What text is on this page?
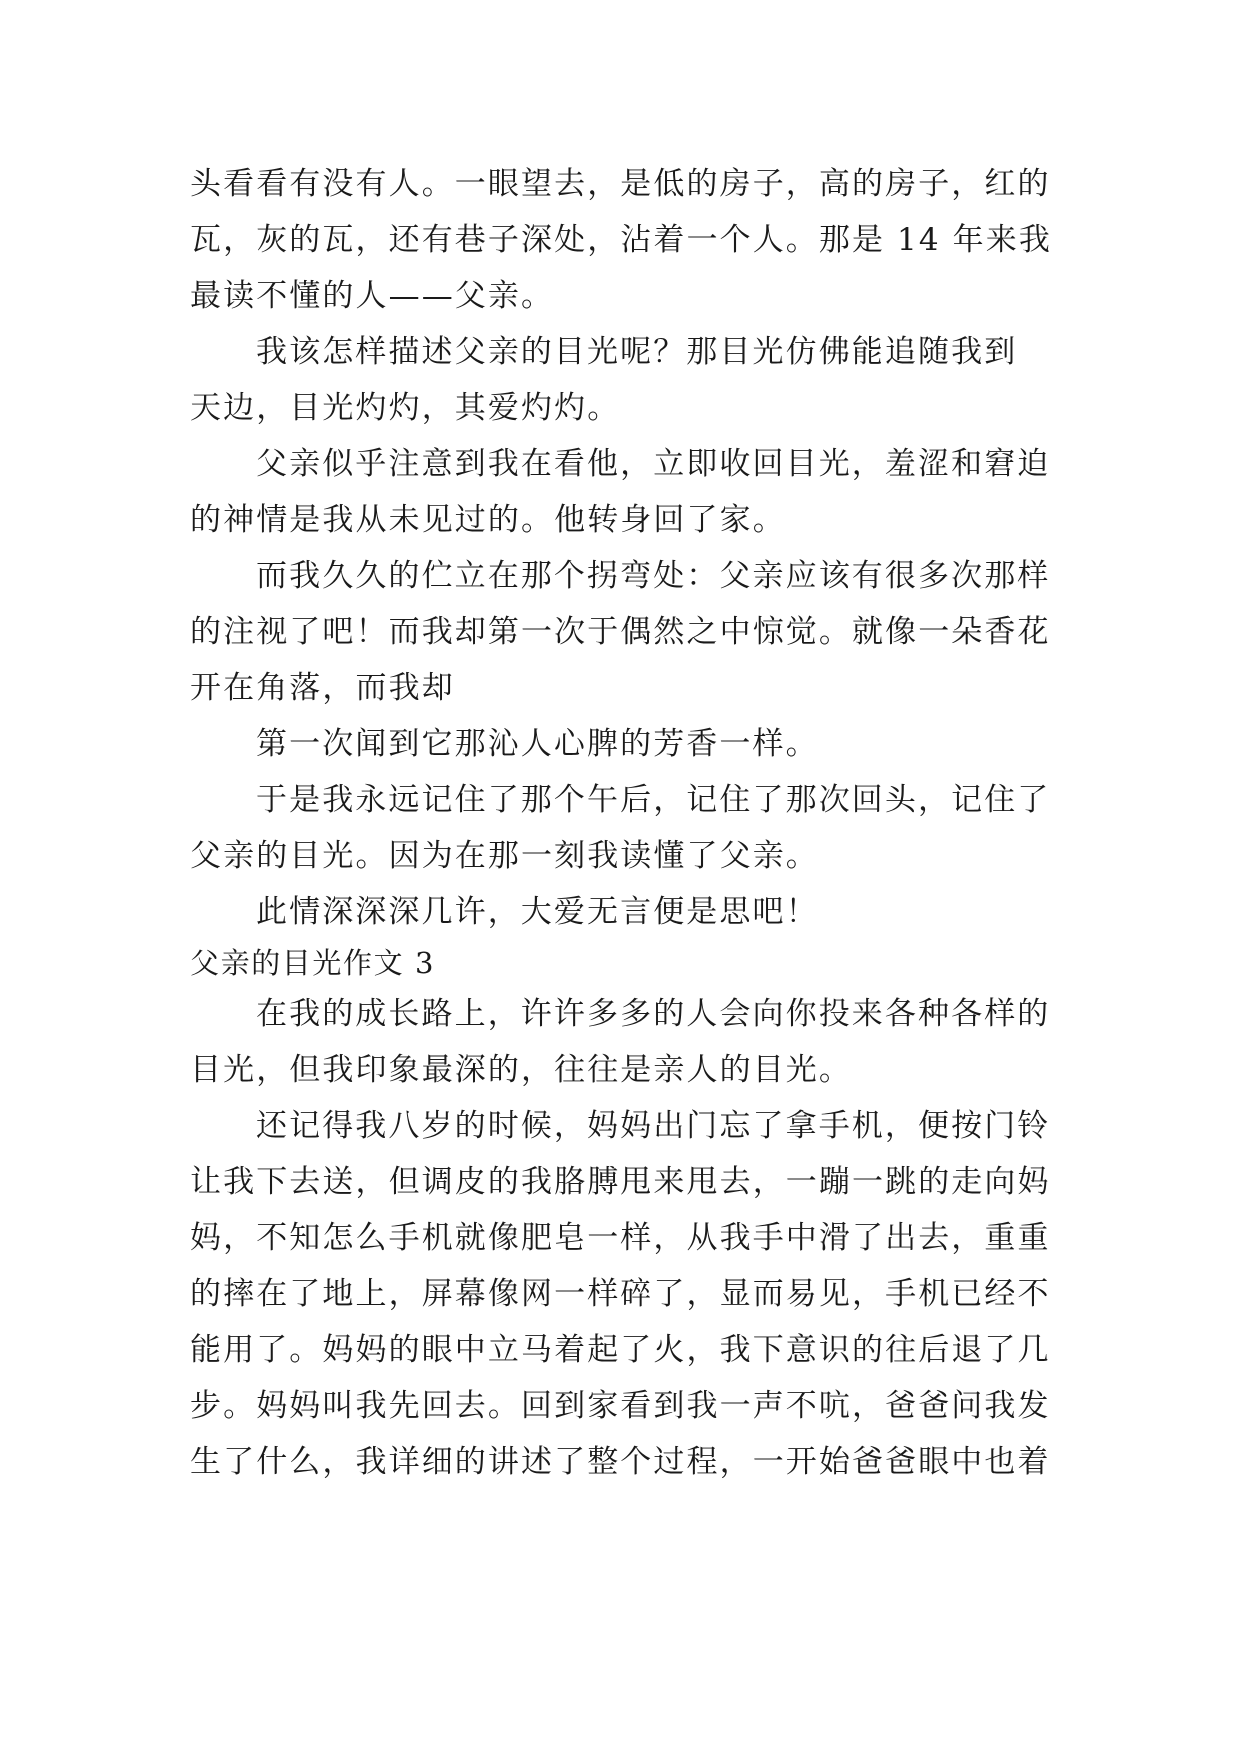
头看看有没有人。一眼望去，是低的房子，高的房子，红的
瓦，灰的瓦，还有巷子深处，沾着一个人。那是 14 年来我
最读不懂的人——父亲。
我该怎样描述父亲的目光呢？那目光仿佛能追随我到
天边，目光灼灼，其爱灼灼。
父亲似乎注意到我在看他，立即收回目光，羞涩和窘迫
的神情是我从未见过的。他转身回了家。
而我久久的伫立在那个拐弯处：父亲应该有很多次那样
的注视了吧！而我却第一次于偶然之中惊觉。就像一朵香花
开在角落，而我却
第一次闻到它那沁人心脾的芳香一样。
于是我永远记住了那个午后，记住了那次回头，记住了
父亲的目光。因为在那一刻我读懂了父亲。
此情深深深几许，大爱无言便是思吧！
父亲的目光作文 3
在我的成长路上，许许多多的人会向你投来各种各样的
目光，但我印象最深的，往往是亲人的目光。
还记得我八岁的时候，妈妈出门忘了拿手机，便按门铃
让我下去送，但调皮的我胳膊甩来甩去，一蹦一跳的走向妈
妈，不知怎么手机就像肥皂一样，从我手中滑了出去，重重
的摔在了地上，屏幕像网一样碎了，显而易见，手机已经不
能用了。妈妈的眼中立马着起了火，我下意识的往后退了几
步。妈妈叫我先回去。回到家看到我一声不吭，爸爸问我发
生了什么，我详细的讲述了整个过程，一开始爸爸眼中也着
